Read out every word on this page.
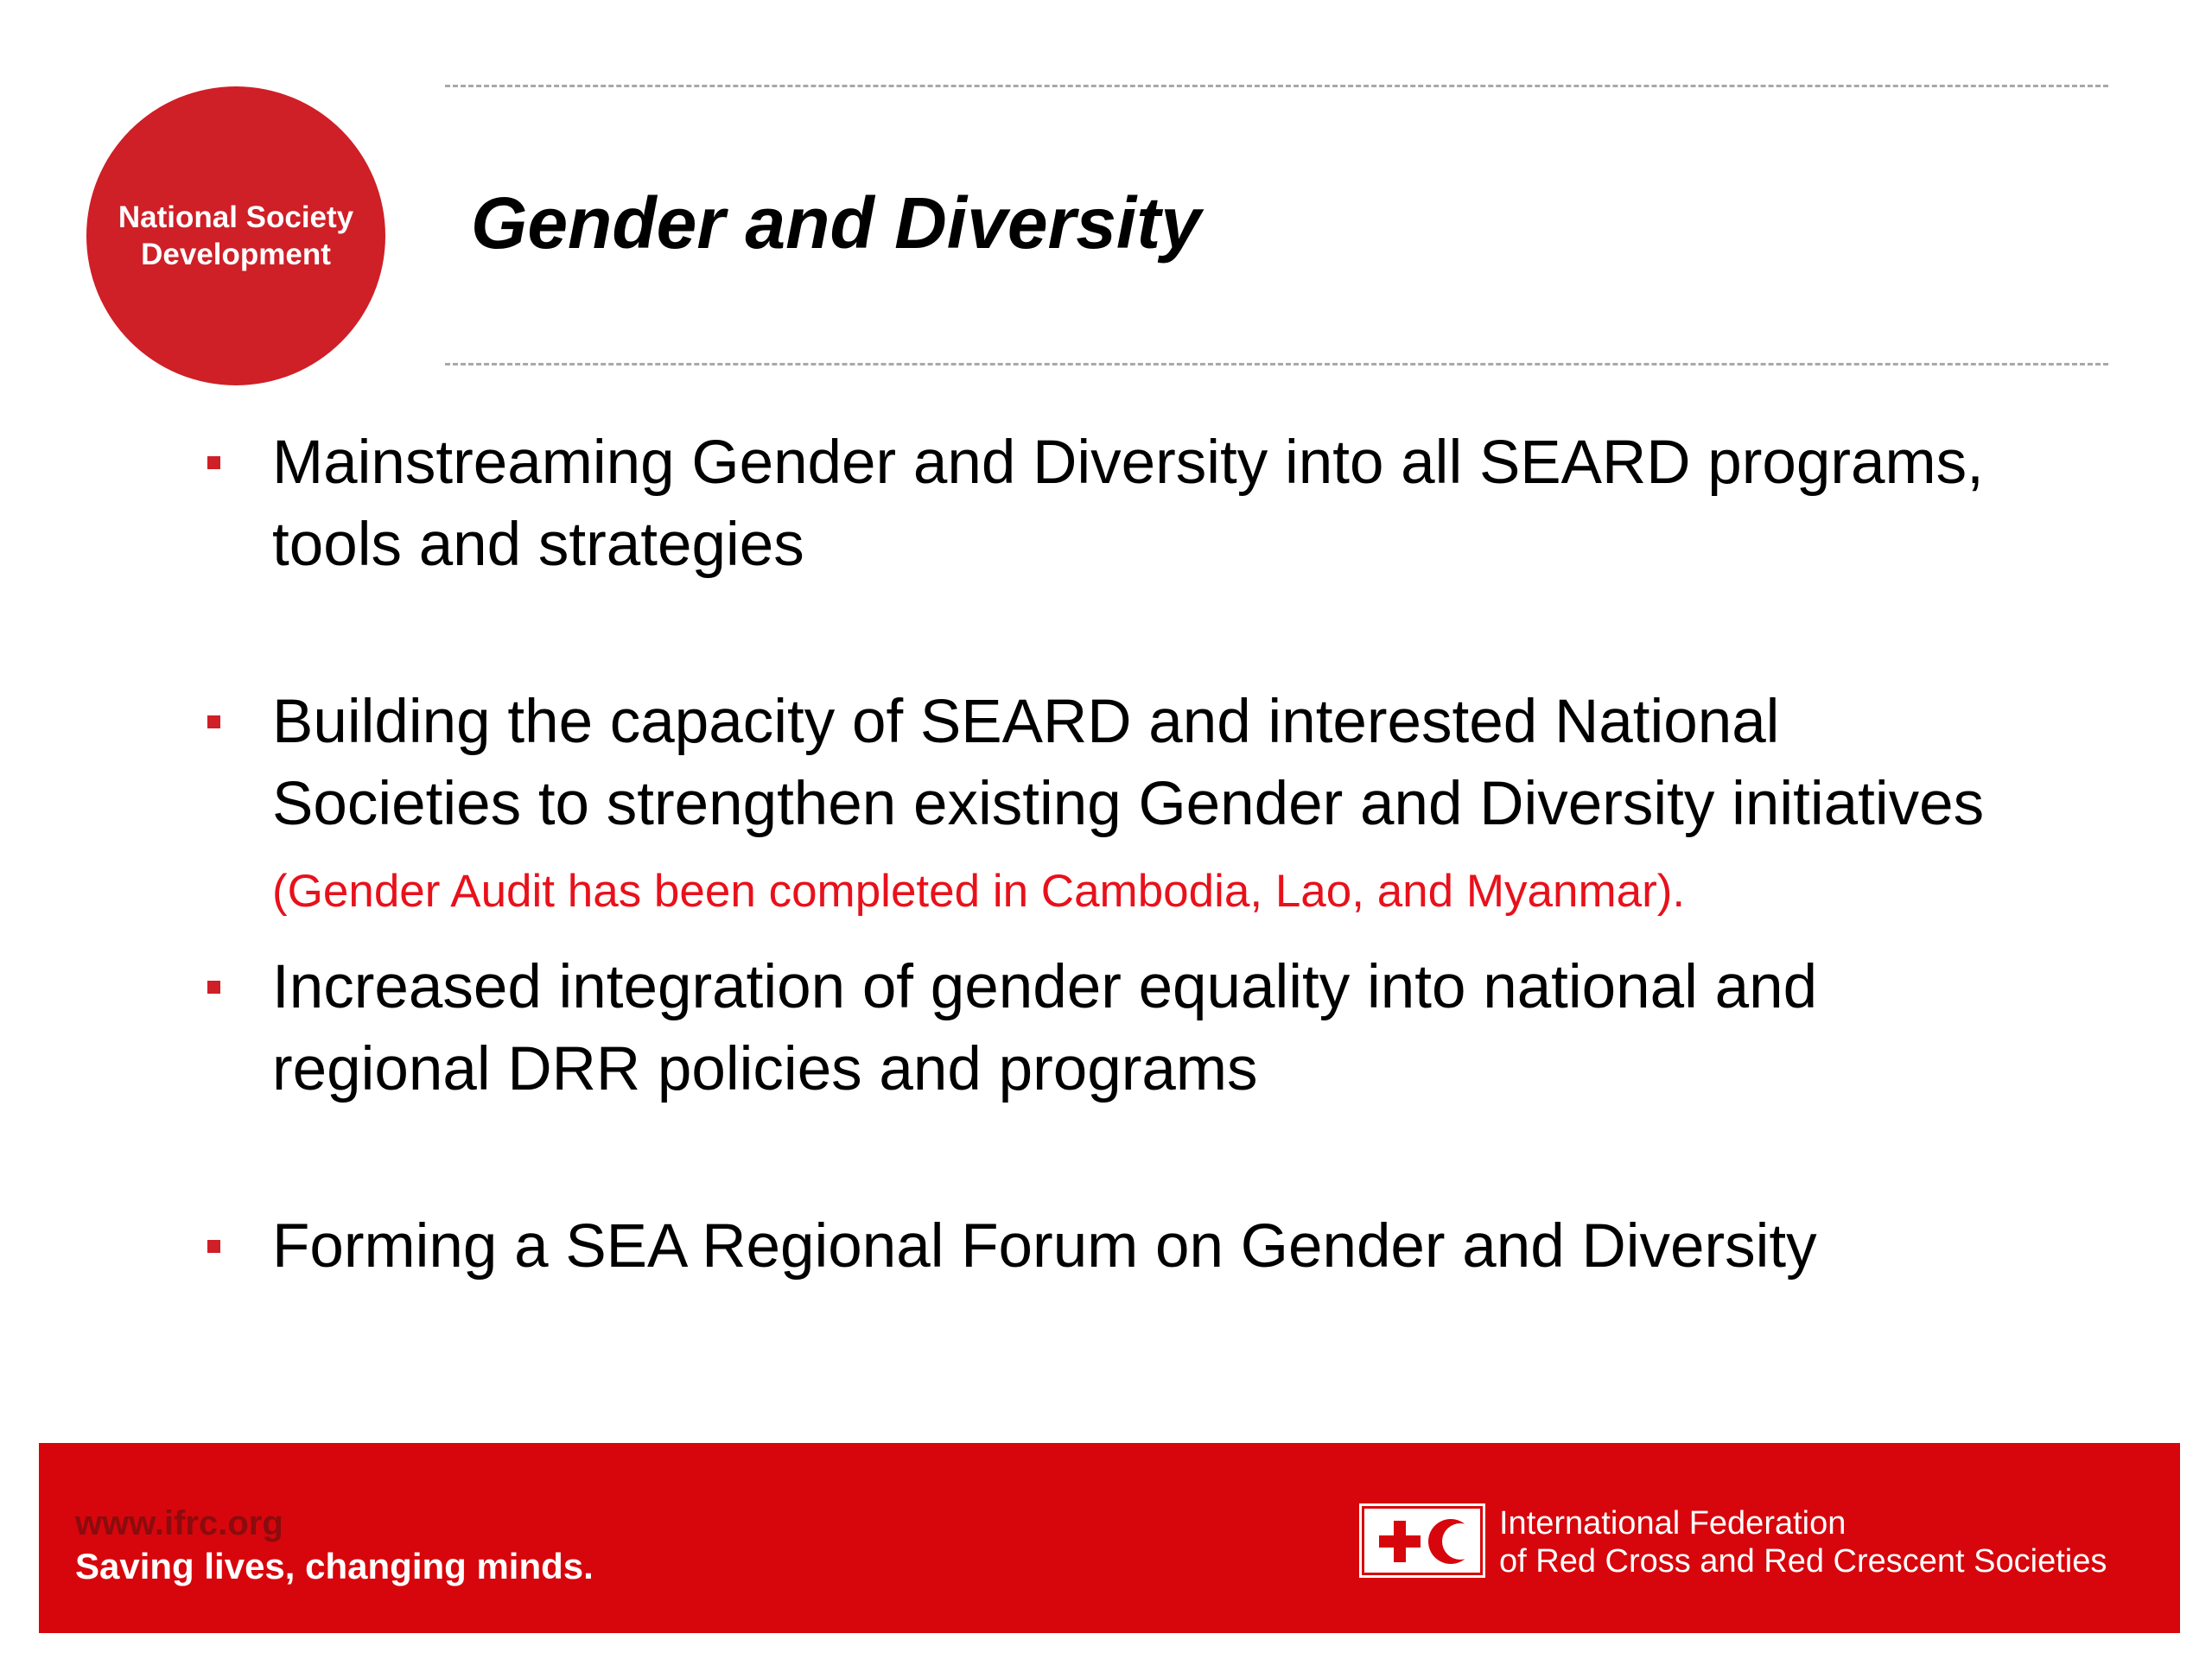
National Society Development	Gender and Diversity
Mainstreaming Gender and Diversity into all SEARD programs, tools and strategies
Building the capacity of SEARD and interested National Societies to strengthen existing Gender and Diversity initiatives (Gender Audit has been completed in Cambodia, Lao, and Myanmar).
Increased integration of gender equality into national and regional DRR policies and programs
Forming a SEA Regional Forum on Gender and Diversity
www.ifrc.org
Saving lives, changing minds.
International Federation
of Red Cross and Red Crescent Societies
